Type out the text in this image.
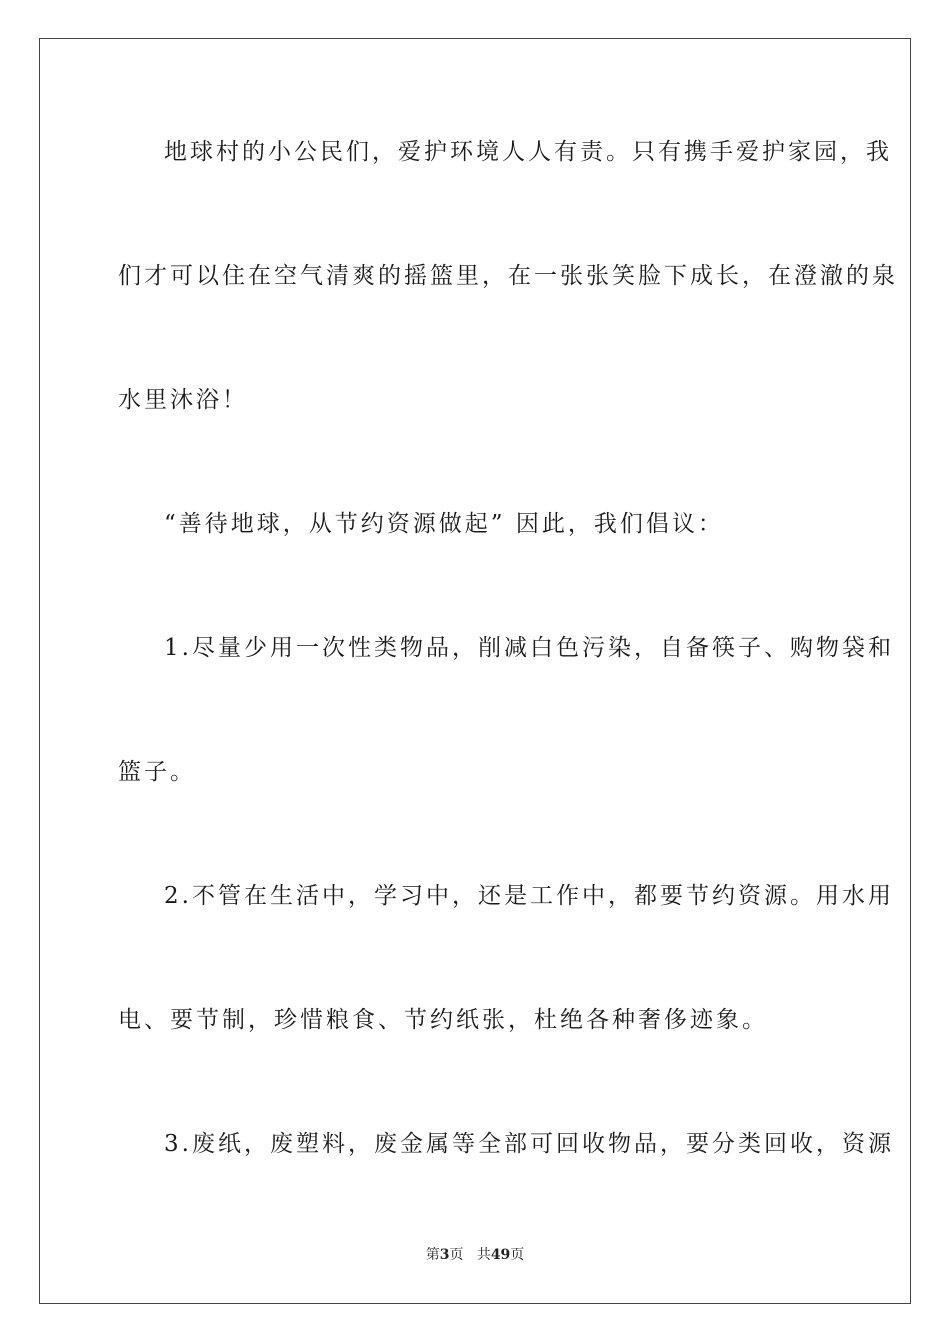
地球村的小公民们，爱护环境人人有责。只有携手爱护家园，我
们才可以住在空气清爽的摇篮里，在一张张笑脸下成长，在澄澈的泉
水里沐浴！
“善待地球，从节约资源做起” 因此，我们倡议：
1.尽量少用一次性类物品，削减白色污染，自备筷子、购物袋和
篮子。
2.不管在生活中，学习中，还是工作中，都要节约资源。用水用
电、要节制，珍惜粮食、节约纸张，杜绝各种奢侈迹象。
3.废纸，废塑料，废金属等全部可回收物品，要分类回收，资源
第3页 共49页
